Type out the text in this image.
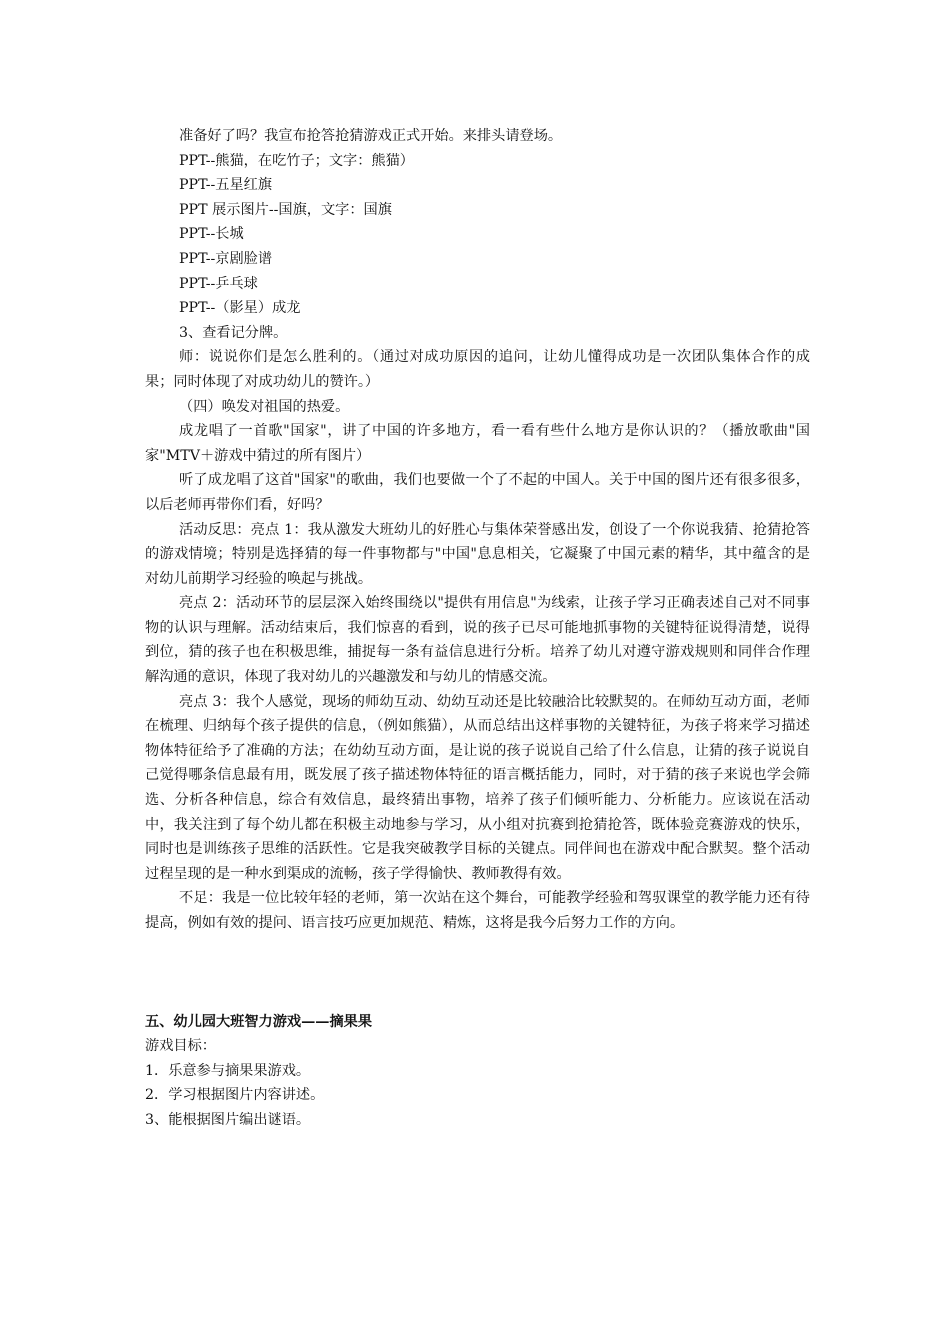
准备好了吗？我宣布抢答抢猜游戏正式开始。来排头请登场。
PPT--熊猫，在吃竹子；文字：熊猫）
PPT--五星红旗
PPT 展示图片--国旗，文字：国旗
PPT--长城
PPT--京剧脸谱
PPT--乒乓球
PPT--（影星）成龙
3、查看记分牌。
师：说说你们是怎么胜利的。（通过对成功原因的追问，让幼儿懂得成功是一次团队集体合作的成果；同时体现了对成功幼儿的赞许。）
（四）唤发对祖国的热爱。
成龙唱了一首歌"国家"，讲了中国的许多地方，看一看有些什么地方是你认识的？（播放歌曲"国家"MTV＋游戏中猜过的所有图片）
听了成龙唱了这首"国家"的歌曲，我们也要做一个了不起的中国人。关于中国的图片还有很多很多，以后老师再带你们看，好吗？
活动反思：亮点 1：我从激发大班幼儿的好胜心与集体荣誉感出发，创设了一个你说我猜、抢猜抢答的游戏情境；特别是选择猜的每一件事物都与"中国"息息相关，它凝聚了中国元素的精华，其中蕴含的是对幼儿前期学习经验的唤起与挑战。
亮点 2：活动环节的层层深入始终围绕以"提供有用信息"为线索，让孩子学习正确表述自己对不同事物的认识与理解。活动结束后，我们惊喜的看到，说的孩子已尽可能地抓事物的关键特征说得清楚，说得到位，猜的孩子也在积极思维，捕捉每一条有益信息进行分析。培养了幼儿对遵守游戏规则和同伴合作理解沟通的意识，体现了我对幼儿的兴趣激发和与幼儿的情感交流。
亮点 3：我个人感觉，现场的师幼互动、幼幼互动还是比较融洽比较默契的。在师幼互动方面，老师在梳理、归纳每个孩子提供的信息，（例如熊猫），从而总结出这样事物的关键特征，为孩子将来学习描述物体特征给予了准确的方法；在幼幼互动方面，是让说的孩子说说自己给了什么信息，让猜的孩子说说自己觉得哪条信息最有用，既发展了孩子描述物体特征的语言概括能力，同时，对于猜的孩子来说也学会筛选、分析各种信息，综合有效信息，最终猜出事物，培养了孩子们倾听能力、分析能力。应该说在活动中，我关注到了每个幼儿都在积极主动地参与学习，从小组对抗赛到抢猜抢答，既体验竞赛游戏的快乐，同时也是训练孩子思维的活跃性。它是我突破教学目标的关键点。同伴间也在游戏中配合默契。整个活动过程呈现的是一种水到渠成的流畅，孩子学得愉快、教师教得有效。
不足：我是一位比较年轻的老师，第一次站在这个舞台，可能教学经验和驾驭课堂的教学能力还有待提高，例如有效的提问、语言技巧应更加规范、精炼，这将是我今后努力工作的方向。
五、幼儿园大班智力游戏——摘果果
游戏目标：
1．乐意参与摘果果游戏。
2．学习根据图片内容讲述。
3、能根据图片编出谜语。
